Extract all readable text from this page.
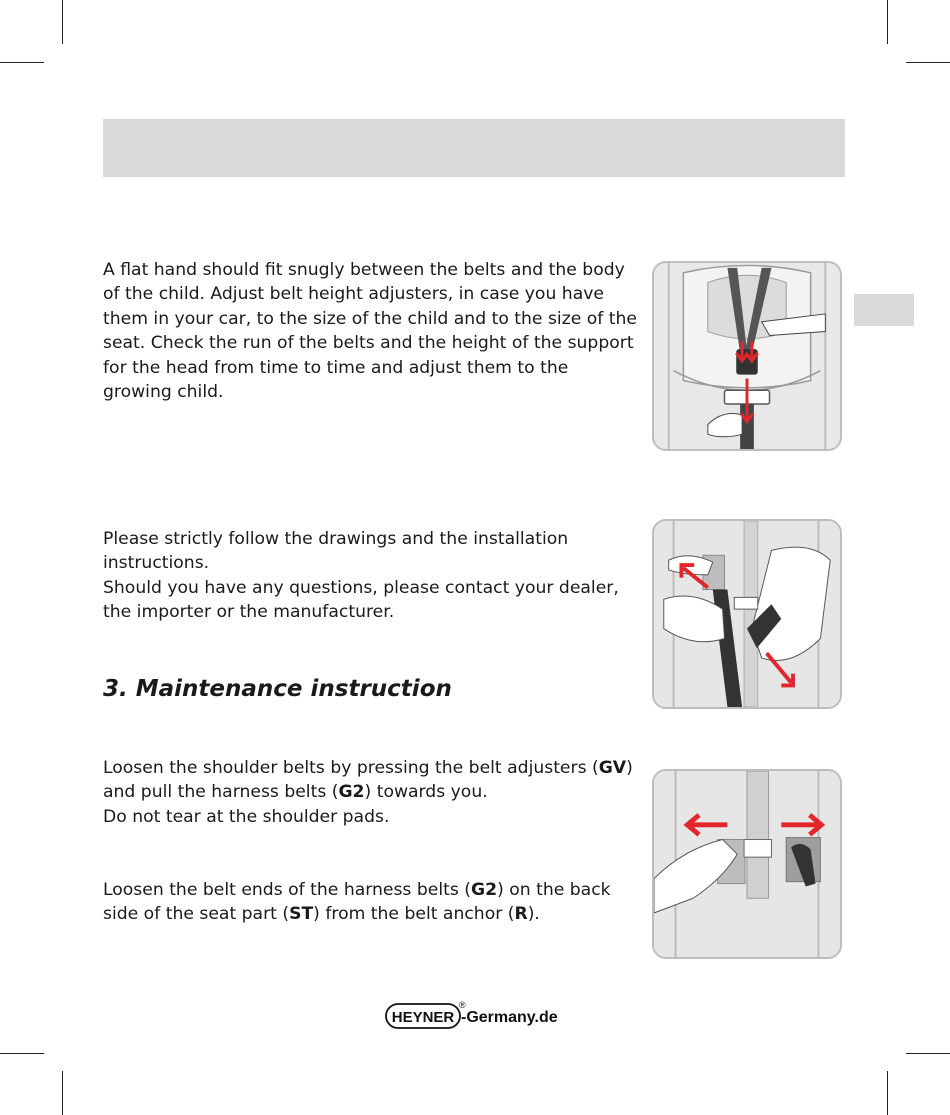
A flat hand should fit snugly between the belts and the body of the child. Adjust belt height adjusters, in case you have them in your car, to the size of the child and to the size of the seat. Check the run of the belts and the height of the support for the head from time to time and adjust them to the growing child.

Please strictly follow the drawings and the installation instructions.

Should you have any questions, please contact your dealer, the importer or the manufacturer.

3. Maintenance instruction

Loosen the shoulder belts by pressing the belt adjusters (GV) and pull the harness belts (G2) towards you.
Do not tear at the shoulder pads.

Loosen the belt ends of the harness belts (G2) on the back side of the seat part (ST) from the belt anchor (R).

HEYNER
®
-Germany.de
